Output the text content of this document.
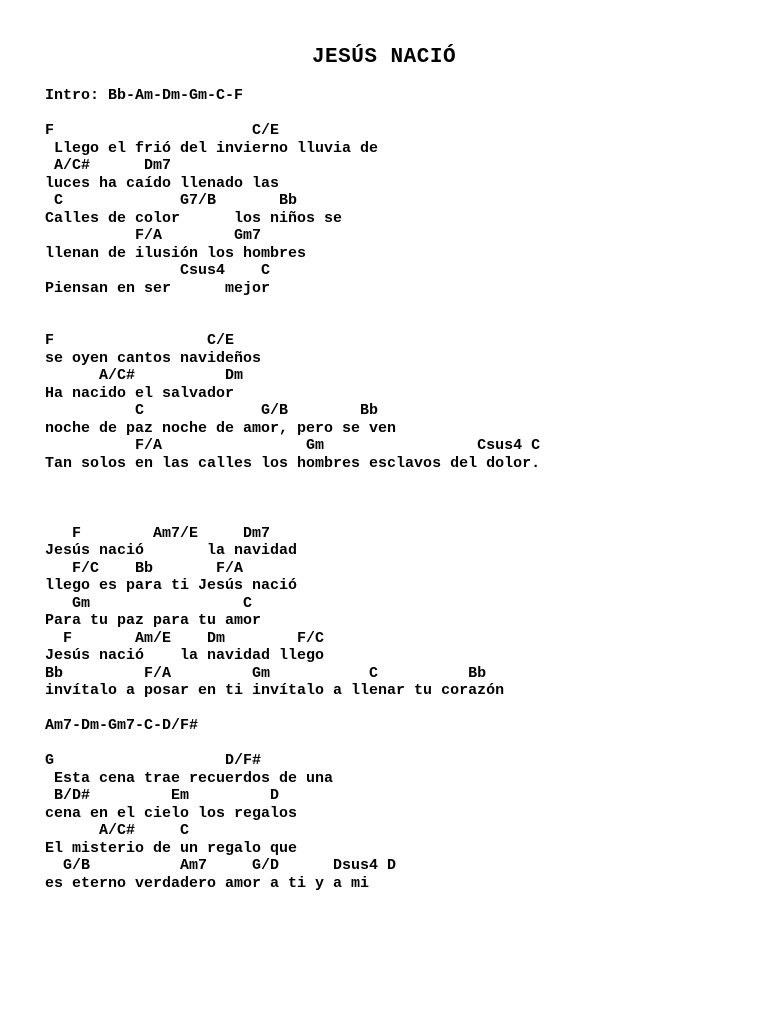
JESÚS NACIÓ
Intro: Bb-Am-Dm-Gm-C-F
F                      C/E
Llego el frió del invierno lluvia de
A/C#      Dm7
luces ha caído llenado las
C             G7/B       Bb
Calles de color      los niños se
F/A        Gm7
llenan de ilusión los hombres
Csus4    C
Piensan en ser      mejor
F                 C/E
se oyen cantos navideños
A/C#          Dm
Ha nacido el salvador
C             G/B        Bb
noche de paz noche de amor, pero se ven
F/A                Gm                 Csus4 C
Tan solos en las calles los hombres esclavos del dolor.
F        Am7/E     Dm7
Jesús nació       la navidad
F/C    Bb       F/A
llego es para ti Jesús nació
Gm                 C
Para tu paz para tu amor
F       Am/E    Dm        F/C
Jesús nació    la navidad llego
Bb         F/A         Gm           C          Bb
invítalo a posar en ti invítalo a llenar tu corazón
Am7-Dm-Gm7-C-D/F#
G                   D/F#
Esta cena trae recuerdos de una
B/D#         Em         D
cena en el cielo los regalos
A/C#     C
El misterio de un regalo que
G/B          Am7     G/D      Dsus4 D
es eterno verdadero amor a ti y a mi
